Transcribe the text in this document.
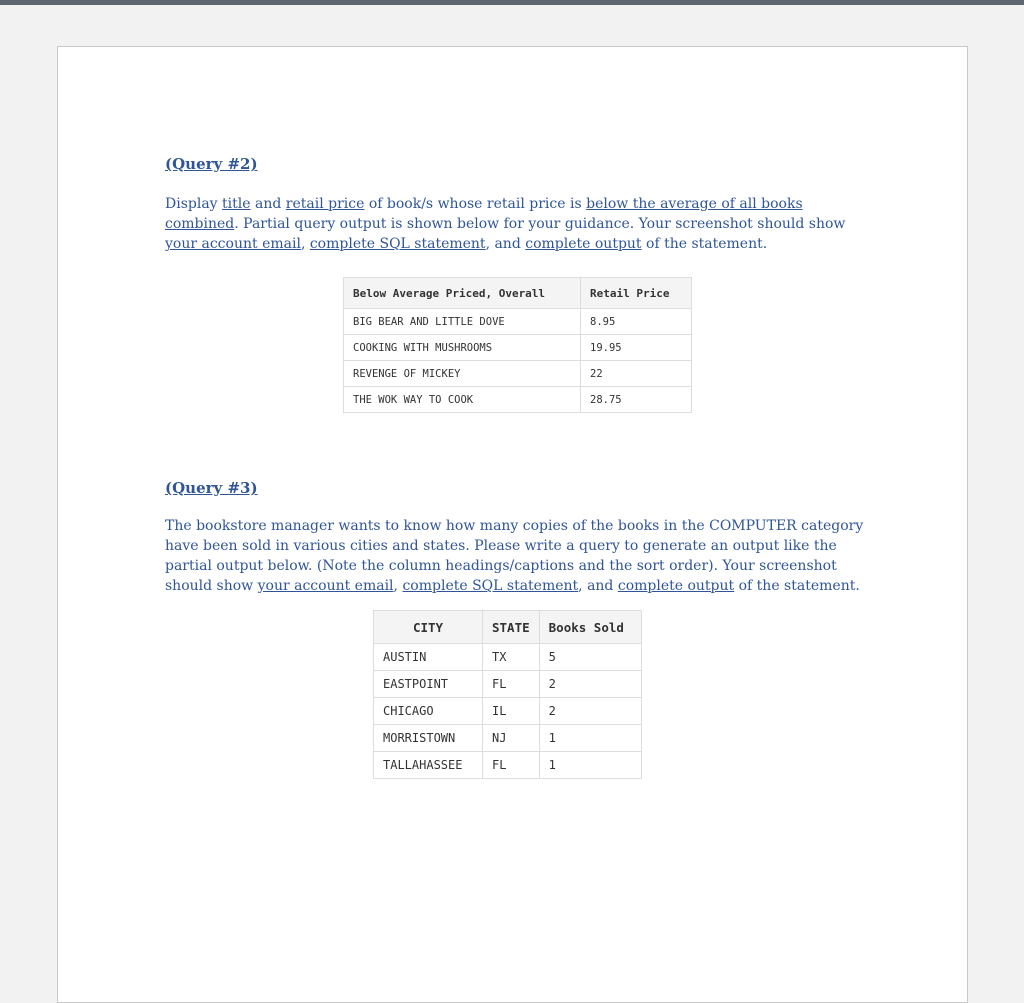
(Query #2)

Display title and retail price of book/s whose retail price is below the average of all books combined. Partial query output is shown below for your guidance. Your screenshot should show your account email, complete SQL statement, and complete output of the statement.

Below Average Priced, Overall	Retail Price
BIG BEAR AND LITTLE DOVE	8.95
COOKING WITH MUSHROOMS	19.95
REVENGE OF MICKEY	22
THE WOK WAY TO COOK	28.75

(Query #3)

The bookstore manager wants to know how many copies of the books in the COMPUTER category have been sold in various cities and states. Please write a query to generate an output like the partial output below. (Note the column headings/captions and the sort order). Your screenshot should show your account email, complete SQL statement, and complete output of the statement.

CITY	STATE	Books Sold
AUSTIN	TX	5
EASTPOINT	FL	2
CHICAGO	IL	2
MORRISTOWN	NJ	1
TALLAHASSEE	FL	1
